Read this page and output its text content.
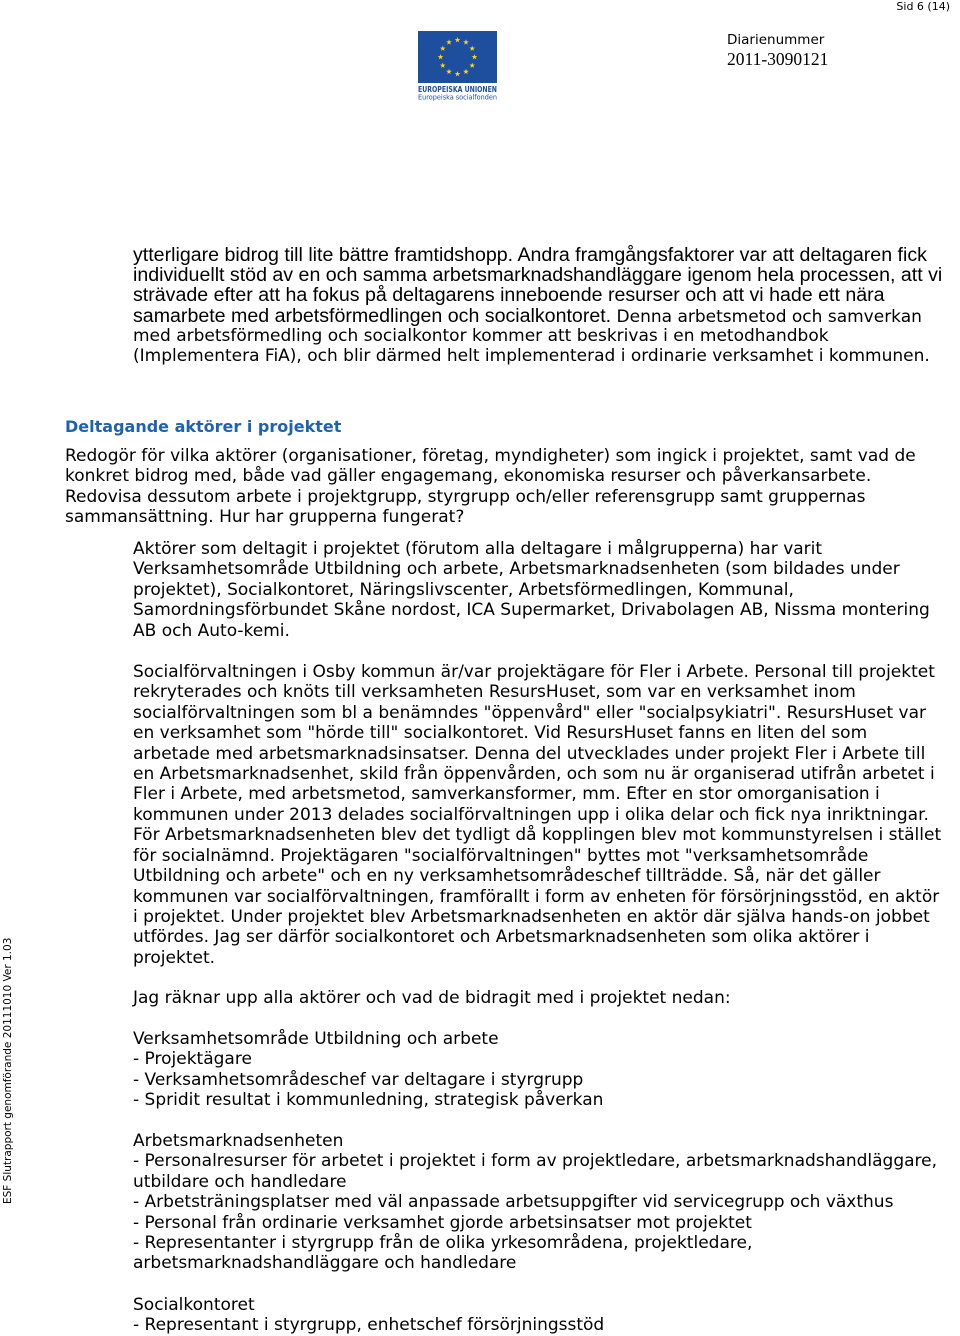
Sid 6 (14)
EUROPEISKA UNIONEN
Europeiska socialfonden
Diarienummer
2011-3090121
ESF Slutrapport genomförande 20111010 Ver 1.03
ytterligare bidrog till lite bättre framtidshopp. Andra framgångsfaktorer var att deltagaren fick
individuellt stöd av en och samma arbetsmarknadshandläggare igenom hela processen, att vi
strävade efter att ha fokus på deltagarens inneboende resurser och att vi hade ett nära
samarbete med arbetsförmedlingen och socialkontoret. Denna arbetsmetod och samverkan
med arbetsförmedling och socialkontor kommer att beskrivas i en metodhandbok
(Implementera FiA), och blir därmed helt implementerad i ordinarie verksamhet i kommunen.
Deltagande aktörer i projektet
Redogör för vilka aktörer (organisationer, företag, myndigheter) som ingick i projektet, samt vad de
konkret bidrog med, både vad gäller engagemang, ekonomiska resurser och påverkansarbete.
Redovisa dessutom arbete i projektgrupp, styrgrupp och/eller referensgrupp samt gruppernas
sammansättning. Hur har grupperna fungerat?
Aktörer som deltagit i projektet (förutom alla deltagare i målgrupperna) har varit
Verksamhetsområde Utbildning och arbete, Arbetsmarknadsenheten (som bildades under
projektet), Socialkontoret, Näringslivscenter, Arbetsförmedlingen, Kommunal,
Samordningsförbundet Skåne nordost, ICA Supermarket, Drivabolagen AB, Nissma montering
AB och Auto-kemi.
Socialförvaltningen i Osby kommun är/var projektägare för Fler i Arbete. Personal till projektet
rekryterades och knöts till verksamheten ResursHuset, som var en verksamhet inom
socialförvaltningen som bl a benämndes "öppenvård" eller "socialpsykiatri". ResursHuset var
en verksamhet som "hörde till" socialkontoret. Vid ResursHuset fanns en liten del som
arbetade med arbetsmarknadsinsatser. Denna del utvecklades under projekt Fler i Arbete till
en Arbetsmarknadsenhet, skild från öppenvården, och som nu är organiserad utifrån arbetet i
Fler i Arbete, med arbetsmetod, samverkansformer, mm. Efter en stor omorganisation i
kommunen under 2013 delades socialförvaltningen upp i olika delar och fick nya inriktningar.
För Arbetsmarknadsenheten blev det tydligt då kopplingen blev mot kommunstyrelsen i stället
för socialnämnd. Projektägaren "socialförvaltningen" byttes mot "verksamhetsområde
Utbildning och arbete" och en ny verksamhetsområdeschef tillträdde. Så, när det gäller
kommunen var socialförvaltningen, framförallt i form av enheten för försörjningsstöd, en aktör
i projektet. Under projektet blev Arbetsmarknadsenheten en aktör där själva hands-on jobbet
utfördes. Jag ser därför socialkontoret och Arbetsmarknadsenheten som olika aktörer i
projektet.
Jag räknar upp alla aktörer och vad de bidragit med i projektet nedan:
Verksamhetsområde Utbildning och arbete
- Projektägare
- Verksamhetsområdeschef var deltagare i styrgrupp
- Spridit resultat i kommunledning, strategisk påverkan
Arbetsmarknadsenheten
- Personalresurser för arbetet i projektet i form av projektledare, arbetsmarknadshandläggare,
utbildare och handledare
- Arbetsträningsplatser med väl anpassade arbetsuppgifter vid servicegrupp och växthus
- Personal från ordinarie verksamhet gjorde arbetsinsatser mot projektet
- Representanter i styrgrupp från de olika yrkesområdena, projektledare,
arbetsmarknadshandläggare och handledare
Socialkontoret
- Representant i styrgrupp, enhetschef försörjningsstöd
